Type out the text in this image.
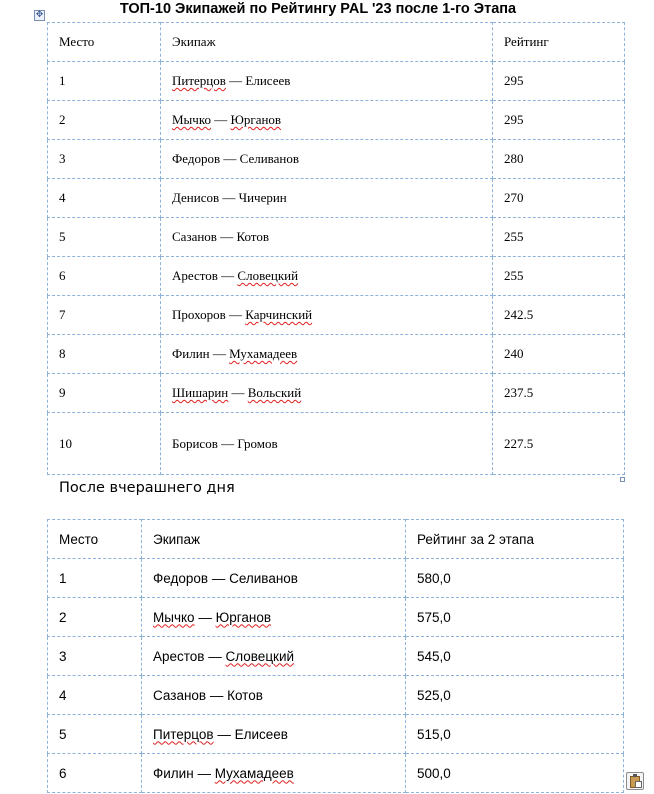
✥	ТОП-10 Экипажей по Рейтингу PAL '23 после 1-го Этапа
Место	Экипаж	Рейтинг
1	Питерцов — Елисеев	295
2	Мычко — Юрганов	295
3	Федоров — Селиванов	280
4	Денисов — Чичерин	270
5	Сазанов — Котов	255
6	Арестов — Словецкий	255
7	Прохоров — Карчинский	242.5
8	Филин — Мухамадеев	240
9	Шишарин — Вольский	237.5
10	Борисов — Громов	227.5
После вчерашнего дня
Место	Экипаж	Рейтинг за 2 этапа
1	Федоров — Селиванов	580,0
2	Мычко — Юрганов	575,0
3	Арестов — Словецкий	545,0
4	Сазанов — Котов	525,0
5	Питерцов — Елисеев	515,0
6	Филин — Мухамадеев	500,0
